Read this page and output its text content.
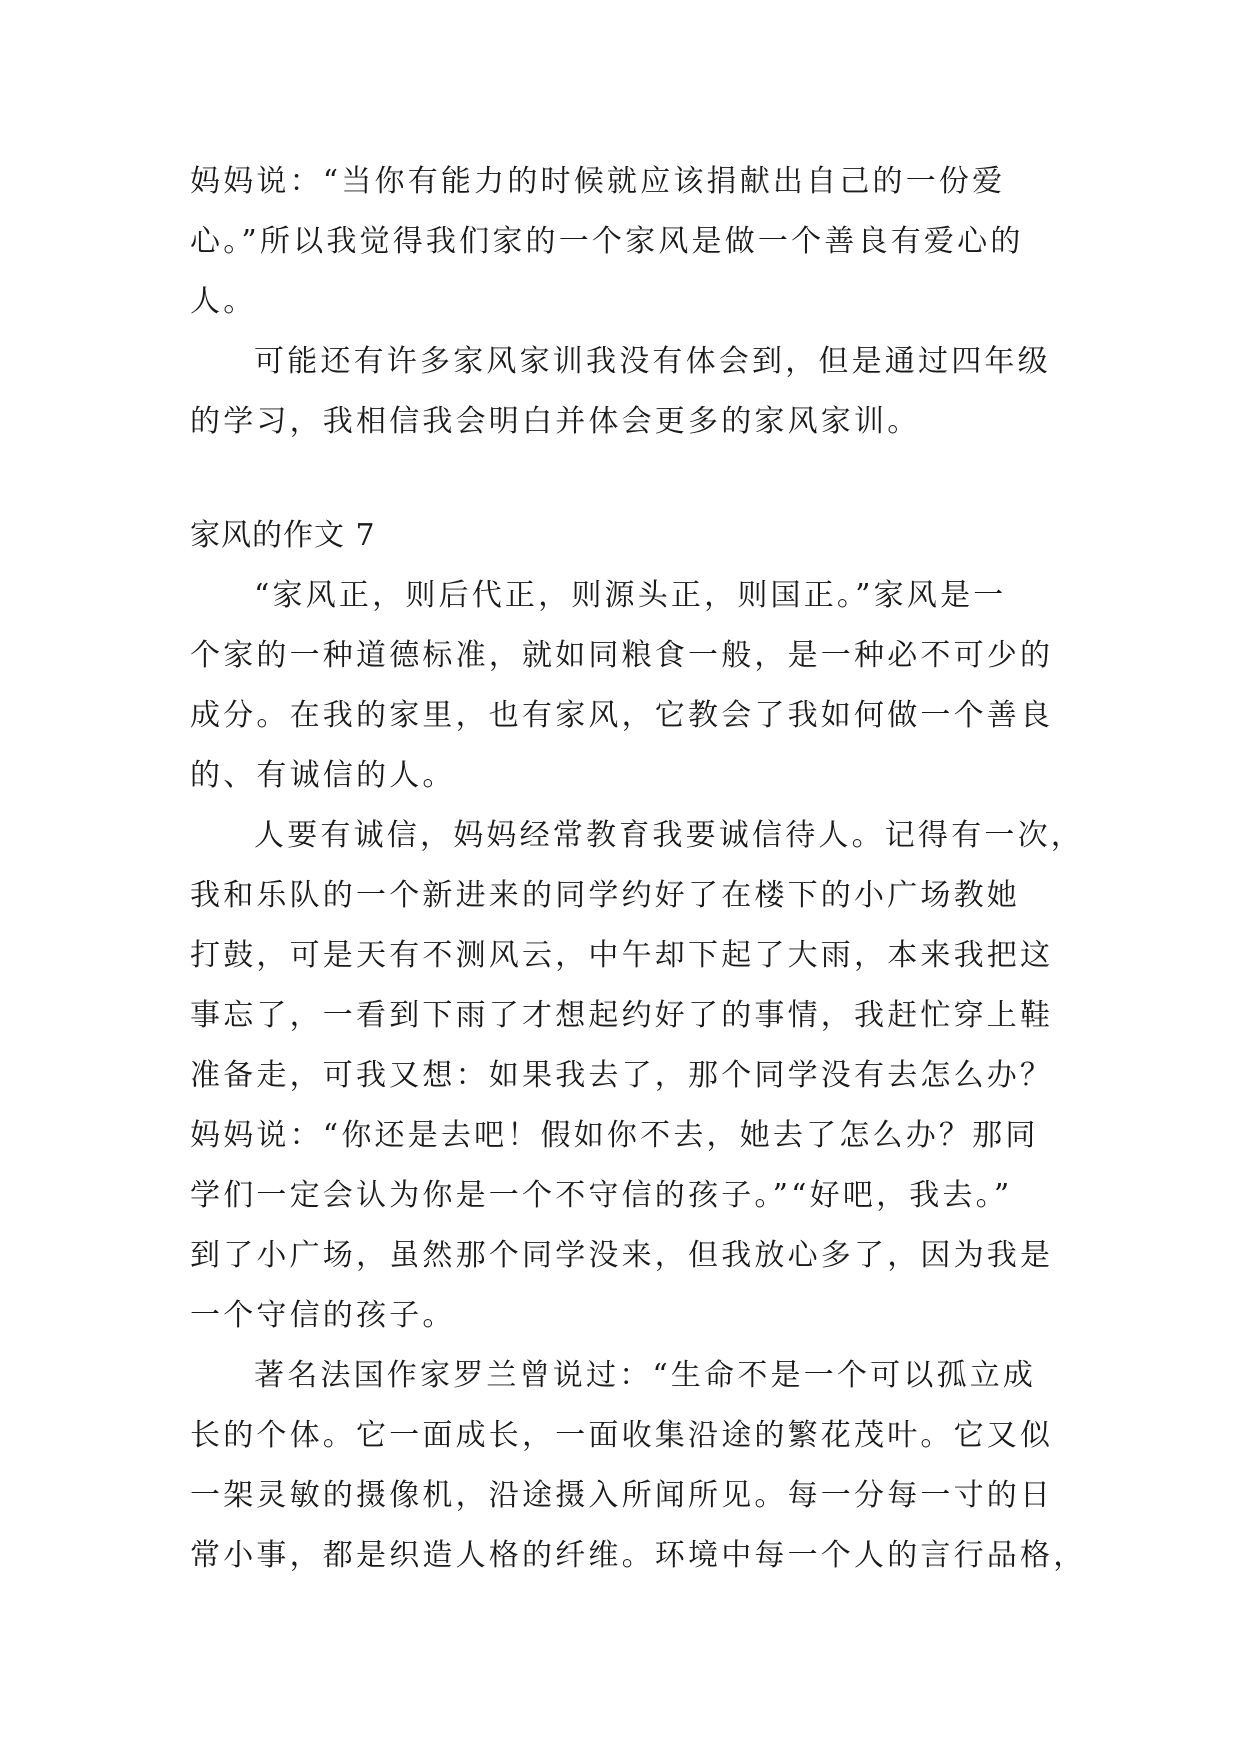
妈妈说：“当你有能力的时候就应该捐献出自己的一份爱
心。”所以我觉得我们家的一个家风是做一个善良有爱心的
人。
可能还有许多家风家训我没有体会到，但是通过四年级
的学习，我相信我会明白并体会更多的家风家训。
家风的作文 7
“家风正，则后代正，则源头正，则国正。”家风是一
个家的一种道德标准，就如同粮食一般，是一种必不可少的
成分。在我的家里，也有家风，它教会了我如何做一个善良
的、有诚信的人。
人要有诚信，妈妈经常教育我要诚信待人。记得有一次，
我和乐队的一个新进来的同学约好了在楼下的小广场教她
打鼓，可是天有不测风云，中午却下起了大雨，本来我把这
事忘了，一看到下雨了才想起约好了的事情，我赶忙穿上鞋
准备走，可我又想：如果我去了，那个同学没有去怎么办？
妈妈说：“你还是去吧！假如你不去，她去了怎么办？那同
学们一定会认为你是一个不守信的孩子。”“好吧，我去。”
到了小广场，虽然那个同学没来，但我放心多了，因为我是
一个守信的孩子。
著名法国作家罗兰曾说过：“生命不是一个可以孤立成
长的个体。它一面成长，一面收集沿途的繁花茂叶。它又似
一架灵敏的摄像机，沿途摄入所闻所见。每一分每一寸的日
常小事，都是织造人格的纤维。环境中每一个人的言行品格，
